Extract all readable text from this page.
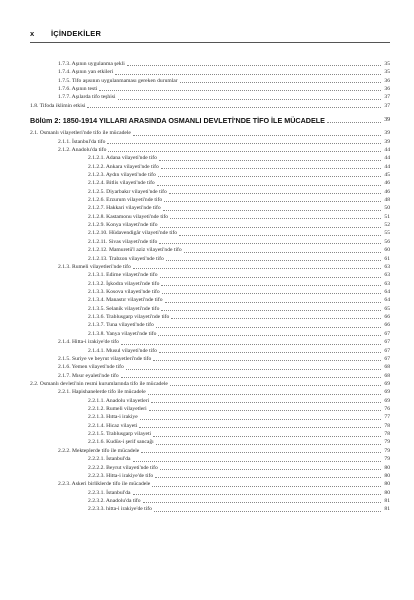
x İÇİNDEKİLER
1.7.3. Aşının uygulanma şekli	35
1.7.4. Aşının yan etkileri	35
1.7.5. Tifo aşısının uygulanmaması gereken durumlar	36
1.7.6. Aşının testi	36
1.7.7. Aşılarda tifo teşhisi	37
1.8. Tifoda iklimin etkisi	37
Bölüm 2: 1850-1914 YILLARI ARASINDA OSMANLI DEVLETİ'NDE TİFO İLE MÜCADELE	39
2.1. Osmanlı vilayetleri'nde tifo ile mücadele	39
2.1.1. İstanbul'da tifo	39
2.1.2. Anadolu'da tifo	44
2.1.2.1. Adana vilayeti'nde tifo	44
2.1.2.2. Ankara vilayeti'nde tifo	44
2.1.2.3. Aydın vilayeti'nde tifo	45
2.1.2.4. Bitlis vilayeti'nde tifo	46
2.1.2.5. Diyarbakır vilayeti'nde tifo	46
2.1.2.6. Erzurum vilayeti'nde tifo	48
2.1.2.7. Hakkari vilayeti'nde tifo	50
2.1.2.8. Kastamonu vilayeti'nde tifo	51
2.1.2.9. Konya vilayeti'nde tifo	52
2.1.2.10. Hüdavendigâr vilayeti'nde tifo	55
2.1.2.11. Sivas vilayeti'nde tifo	56
2.1.2.12. Mamuretü'l aziz vilayeti'nde tifo	60
2.1.2.13. Trabzon vilayeti'nde tifo	61
2.1.3. Rumeli vilayetleri'nde tifo	63
2.1.3.1. Edirne vilayeti'nde tifo	63
2.1.3.2. İşkodra vilayeti'nde tifo	63
2.1.3.3. Kosova vilayeti'nde tifo	64
2.1.3.4. Manastır vilayeti'nde tifo	64
2.1.3.5. Selanik vilayeti'nde tifo	65
2.1.3.6. Trablusgarp vilayeti'nde tifo	66
2.1.3.7. Tuna vilayeti'nde tifo	66
2.1.3.8. Yanya vilayeti'nde tifo	67
2.1.4. Hitta-i irakiye'de tifo	67
2.1.4.1. Musul vilayeti'nde tifo	67
2.1.5. Suriye ve beyrut vilayetleri'nde tifo	67
2.1.6. Yemen vilayeti'nde tifo	68
2.1.7. Mısır eyaleti'nde tifo	68
2.2. Osmanlı devleti'nin resmi kurumlarında tifo ile mücadele	69
2.2.1. Hapishanelerde tifo ile mücadele	69
2.2.1.1. Anadolu vilayetleri	69
2.2.1.2. Rumeli vilayetleri	76
2.2.1.3. Hıtta-i irakiye	77
2.2.1.4. Hicaz vilayeti	78
2.2.1.5. Trablusgarp vilayeti	78
2.2.1.6. Kudüs-i şerif sancağı	79
2.2.2. Mekteplerde tifo ile mücadele	79
2.2.2.1. İstanbul'da	79
2.2.2.2. Beyrut vilayeti'nde tifo	80
2.2.2.3. Hitta-i irakiye'de tifo	80
2.2.3. Askeri birliklerde tifo ile mücadele	80
2.2.3.1. İstanbul'da	80
2.2.3.2. Anadolu'da tifo	81
2.2.3.3. hitta-i irakiye'de tifo	81
